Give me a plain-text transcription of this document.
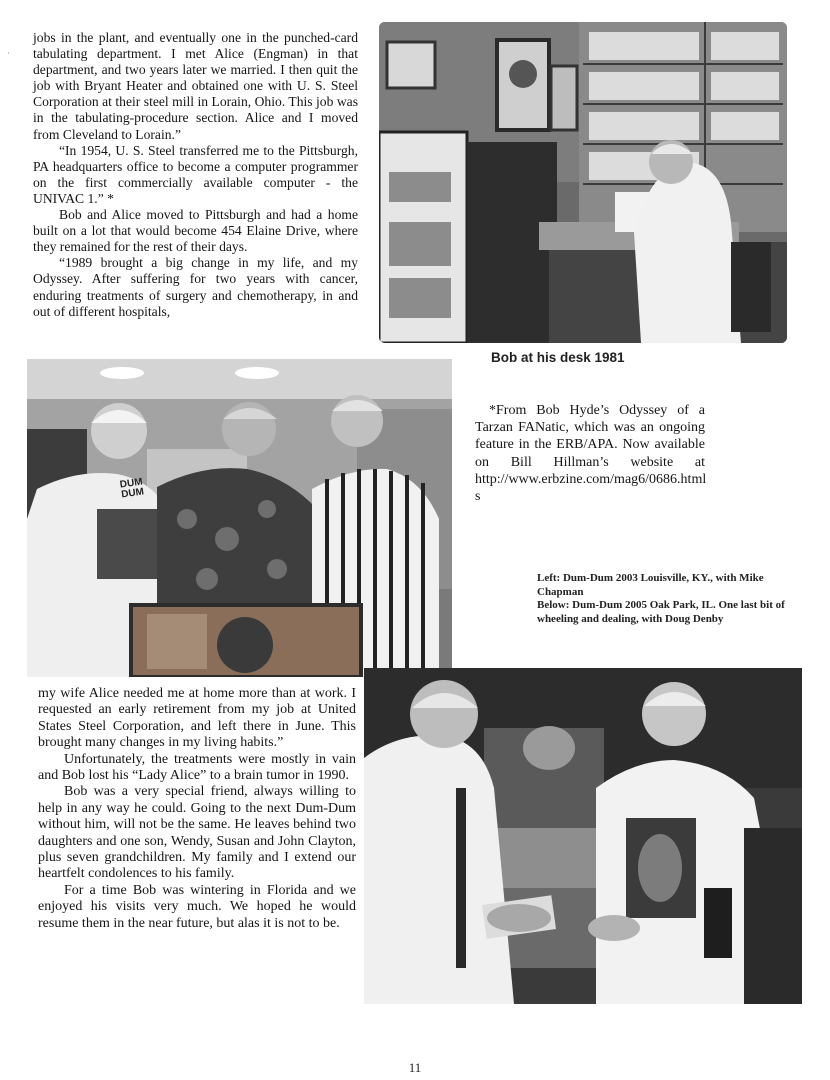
·

jobs in the plant, and eventually one in the punched-card tabulating department. I met Alice (Engman) in that department, and two years later we married. I then quit the job with Bryant Heater and obtained one with U. S. Steel Corporation at their steel mill in Lorain, Ohio. This job was in the tabulating-procedure section. Alice and I moved from Cleveland to Lorain.”

“In 1954, U. S. Steel transferred me to the Pittsburgh, PA headquarters office to become a computer programmer on the first commercially available computer - the UNIVAC 1.” *

Bob and Alice moved to Pittsburgh and had a home built on a lot that would become 454 Elaine Drive, where they remained for the rest of their days.

“1989 brought a big change in my life, and my Odyssey. After suffering for two years with cancer, enduring treatments of surgery and chemotherapy, in and out of different hospitals,

Bob at his desk 1981
DUM DUM

*From Bob Hyde’s Odyssey of a Tarzan FANatic, which was an ongoing feature in the ERB/APA. Now available on Bill Hillman’s website at http://www.erbzine.com/mag6/0686.html s

Left: Dum-Dum 2003 Louisville, KY., with Mike Chapman
Below: Dum-Dum 2005 Oak Park, IL. One last bit of wheeling and dealing, with Doug Denby

my wife Alice needed me at home more than at work. I requested an early retirement from my job at United States Steel Corporation, and left there in June. This brought many changes in my living habits.”

Unfortunately, the treatments were mostly in vain and Bob lost his “Lady Alice” to a brain tumor in 1990.

Bob was a very special friend, always willing to help in any way he could. Going to the next Dum-Dum without him, will not be the same. He leaves behind two daughters and one son, Wendy, Susan and John Clayton, plus seven grandchildren. My family and I extend our heartfelt condolences to his family.

For a time Bob was wintering in Florida and we enjoyed his visits very much. We hoped he would resume them in the near future, but alas it is not to be.

11
